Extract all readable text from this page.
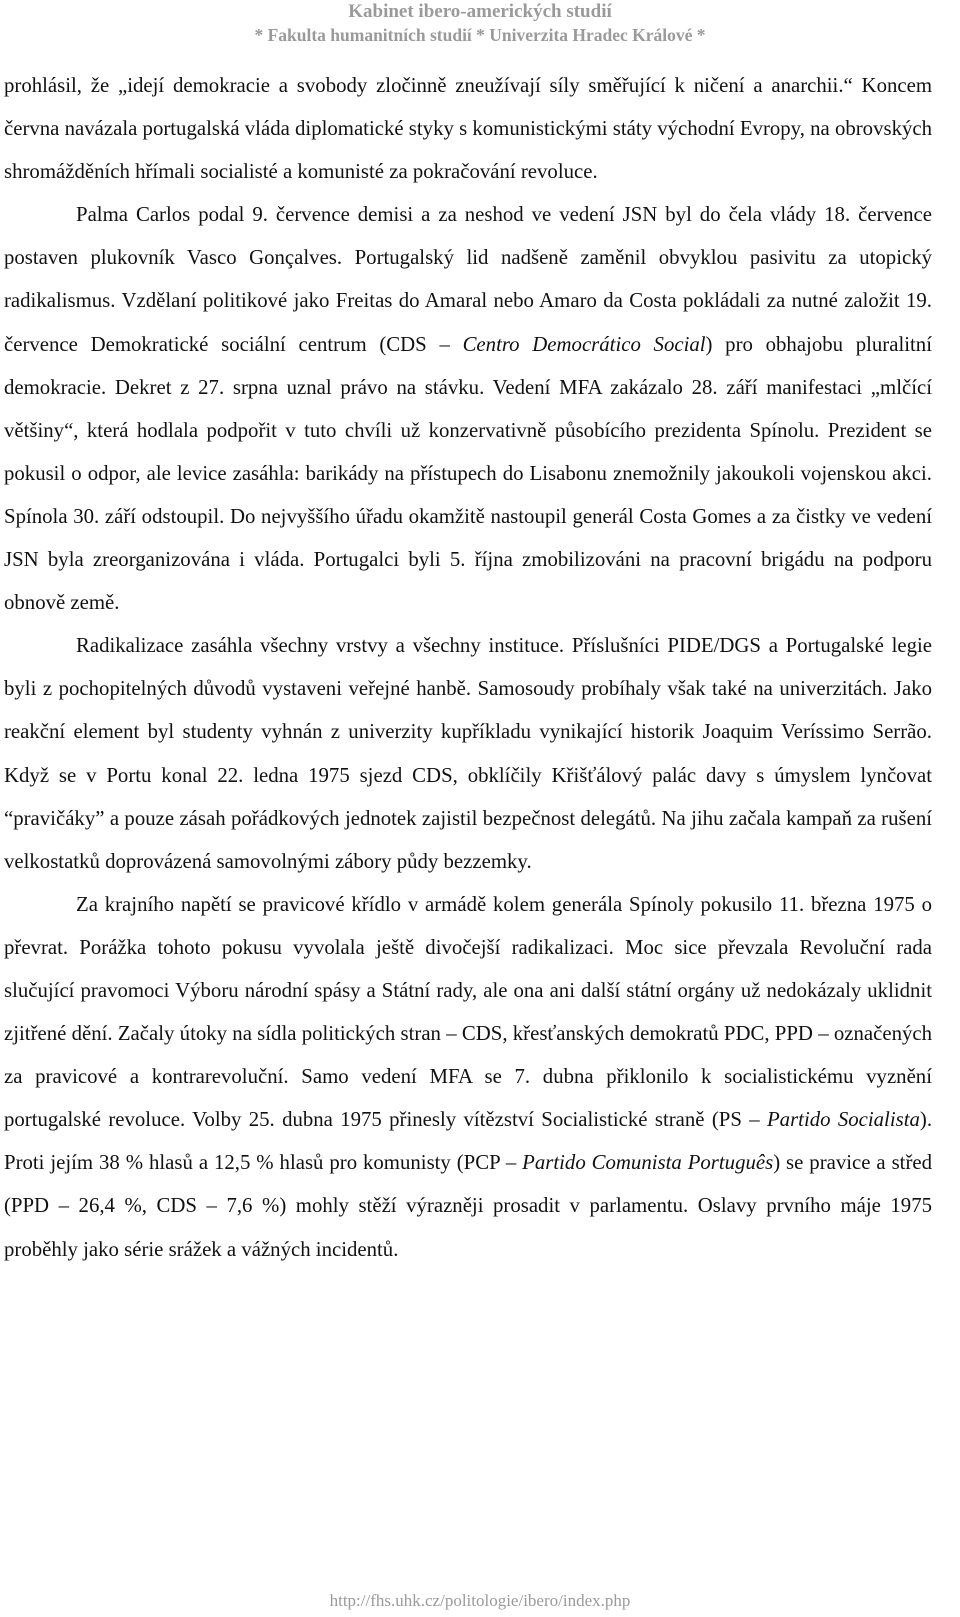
Kabinet ibero-amerických studií
* Fakulta humanitních studií * Univerzita Hradec Králové *

prohlásil, že „idejí demokracie a svobody zločinně zneužívají síly směřující k ničení a anarchii.“ Koncem června navázala portugalská vláda diplomatické styky s komunistickými státy východní Evropy, na obrovských shromážděních hřímali socialisté a komunisté za pokračování revoluce.

Palma Carlos podal 9. července demisi a za neshod ve vedení JSN byl do čela vlády 18. července postaven plukovník Vasco Gonçalves. Portugalský lid nadšeně zaměnil obvyklou pasivitu za utopický radikalismus. Vzdělaní politikové jako Freitas do Amaral nebo Amaro da Costa pokládali za nutné založit 19. července Demokratické sociální centrum (CDS – Centro Democrático Social) pro obhajobu pluralitní demokracie. Dekret z 27. srpna uznal právo na stávku. Vedení MFA zakázalo 28. září manifestaci „mlčící většiny“, která hodlala podpořit v tuto chvíli už konzervativně působícího prezidenta Spínolu. Prezident se pokusil o odpor, ale levice zasáhla: barikády na přístupech do Lisabonu znemožnily jakoukoli vojenskou akci. Spínola 30. září odstoupil. Do nejvyššího úřadu okamžitě nastoupil generál Costa Gomes a za čistky ve vedení JSN byla zreorganizována i vláda. Portugalci byli 5. října zmobilizováni na pracovní brigádu na podporu obnově země.

Radikalizace zasáhla všechny vrstvy a všechny instituce. Příslušníci PIDE/DGS a Portugalské legie byli z pochopitelných důvodů vystaveni veřejné hanbě. Samosoudy probíhaly však také na univerzitách. Jako reakční element byl studenty vyhnán z univerzity kupříkladu vynikající historik Joaquim Veríssimo Serrão. Když se v Portu konal 22. ledna 1975 sjezd CDS, obklíčily Křišťálový palác davy s úmyslem lynčovat “pravičáky” a pouze zásah pořádkových jednotek zajistil bezpečnost delegátů. Na jihu začala kampaň za rušení velkostatků doprovázená samovolnými zábory půdy bezzemky.

Za krajního napětí se pravicové křídlo v armádě kolem generála Spínoly pokusilo 11. března 1975 o převrat. Porážka tohoto pokusu vyvolala ještě divočejší radikalizaci. Moc sice převzala Revoluční rada slučující pravomoci Výboru národní spásy a Státní rady, ale ona ani další státní orgány už nedokázaly uklidnit zjitřené dění. Začaly útoky na sídla politických stran – CDS, křesťanských demokratů PDC, PPD – označených za pravicové a kontrarevoluční. Samo vedení MFA se 7. dubna přiklonilo k socialistickému vyznění portugalské revoluce. Volby 25. dubna 1975 přinesly vítězství Socialistické straně (PS – Partido Socialista). Proti jejím 38 % hlasů a 12,5 % hlasů pro komunisty (PCP – Partido Comunista Português) se pravice a střed (PPD – 26,4 %, CDS – 7,6 %) mohly stěží výrazněji prosadit v parlamentu. Oslavy prvního máje 1975 proběhly jako série srážek a vážných incidentů.

http://fhs.uhk.cz/politologie/ibero/index.php
